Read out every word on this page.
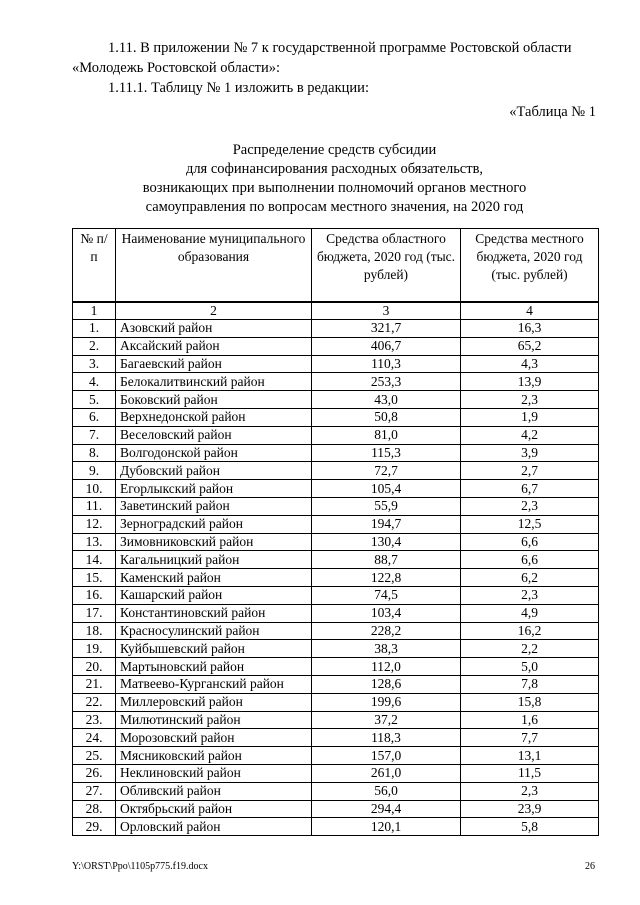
1.11. В приложении № 7 к государственной программе Ростовской области «Молодежь Ростовской области»:

1.11.1. Таблицу № 1 изложить в редакции:

«Таблица № 1
Распределение средств субсидии
для софинансирования расходных обязательств,
возникающих при выполнении полномочий органов местного
самоуправления по вопросам местного значения, на 2020 год
№ п/п	Наименование муниципального образования	Средства областного бюджета, 2020 год (тыс. рублей)	Средства местного бюджета, 2020 год (тыс. рублей)
1	2	3	4
1.	Азовский район	321,7	16,3
2.	Аксайский район	406,7	65,2
3.	Багаевский район	110,3	4,3
4.	Белокалитвинский район	253,3	13,9
5.	Боковский район	43,0	2,3
6.	Верхнедонской район	50,8	1,9
7.	Веселовский район	81,0	4,2
8.	Волгодонской район	115,3	3,9
9.	Дубовский район	72,7	2,7
10.	Егорлыкский район	105,4	6,7
11.	Заветинский район	55,9	2,3
12.	Зерноградский район	194,7	12,5
13.	Зимовниковский район	130,4	6,6
14.	Кагальницкий район	88,7	6,6
15.	Каменский район	122,8	6,2
16.	Кашарский район	74,5	2,3
17.	Константиновский район	103,4	4,9
18.	Красносулинский район	228,2	16,2
19.	Куйбышевский район	38,3	2,2
20.	Мартыновский район	112,0	5,0
21.	Матвеево-Курганский район	128,6	7,8
22.	Миллеровский район	199,6	15,8
23.	Милютинский район	37,2	1,6
24.	Морозовский район	118,3	7,7
25.	Мясниковский район	157,0	13,1
26.	Неклиновский район	261,0	11,5
27.	Обливский район	56,0	2,3
28.	Октябрьский район	294,4	23,9
29.	Орловский район	120,1	5,8
Y:\ORST\Ppo\1105p775.f19.docx	26
